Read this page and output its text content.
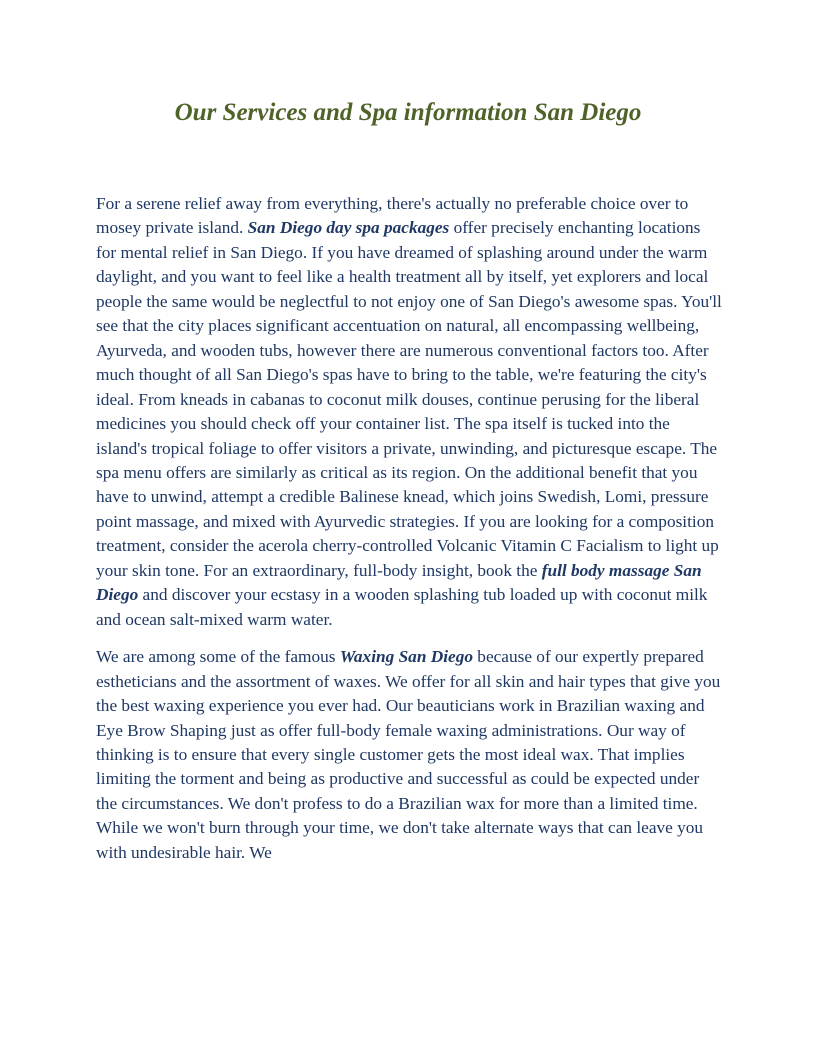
Our Services and Spa information San Diego

For a serene relief away from everything, there's actually no preferable choice over to mosey private island. San Diego day spa packages offer precisely enchanting locations for mental relief in San Diego. If you have dreamed of splashing around under the warm daylight, and you want to feel like a health treatment all by itself, yet explorers and local people the same would be neglectful to not enjoy one of San Diego's awesome spas. You'll see that the city places significant accentuation on natural, all encompassing wellbeing, Ayurveda, and wooden tubs, however there are numerous conventional factors too. After much thought of all San Diego's spas have to bring to the table, we're featuring the city's ideal. From kneads in cabanas to coconut milk douses, continue perusing for the liberal medicines you should check off your container list. The spa itself is tucked into the island's tropical foliage to offer visitors a private, unwinding, and picturesque escape. The spa menu offers are similarly as critical as its region. On the additional benefit that you have to unwind, attempt a credible Balinese knead, which joins Swedish, Lomi, pressure point massage, and mixed with Ayurvedic strategies. If you are looking for a composition treatment, consider the acerola cherry-controlled Volcanic Vitamin C Facialism to light up your skin tone. For an extraordinary, full-body insight, book the full body massage San Diego and discover your ecstasy in a wooden splashing tub loaded up with coconut milk and ocean salt-mixed warm water.

We are among some of the famous Waxing San Diego because of our expertly prepared estheticians and the assortment of waxes. We offer for all skin and hair types that give you the best waxing experience you ever had. Our beauticians work in Brazilian waxing and Eye Brow Shaping just as offer full-body female waxing administrations. Our way of thinking is to ensure that every single customer gets the most ideal wax. That implies limiting the torment and being as productive and successful as could be expected under the circumstances. We don't profess to do a Brazilian wax for more than a limited time. While we won't burn through your time, we don't take alternate ways that can leave you with undesirable hair. We
